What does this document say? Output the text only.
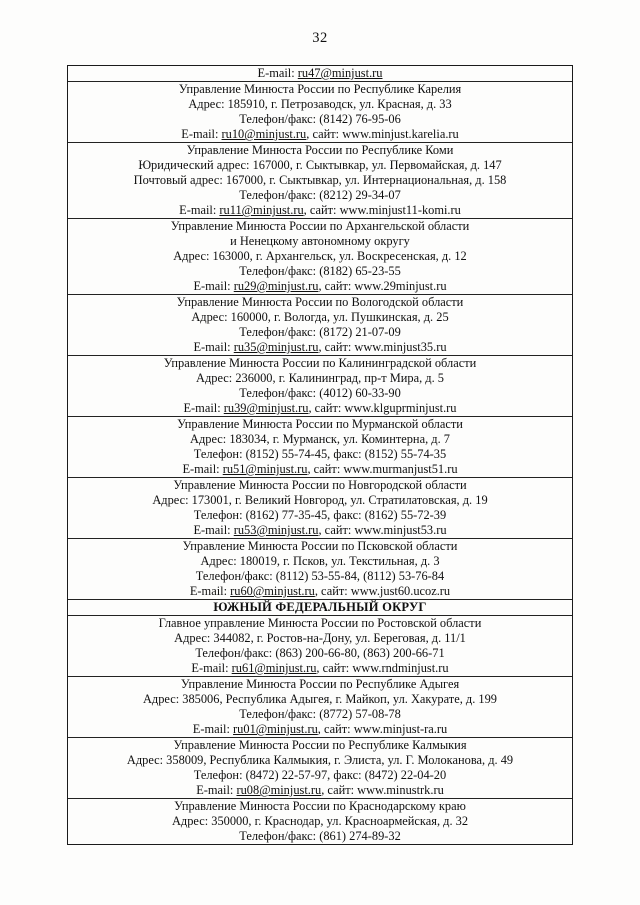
32
E-mail: ru47@minjust.ru
Управление Минюста России по Республике Карелия
Адрес: 185910, г. Петрозаводск, ул. Красная, д. 33
Телефон/факс: (8142) 76-95-06
E-mail: ru10@minjust.ru, сайт: www.minjust.karelia.ru
Управление Минюста России по Республике Коми
Юридический адрес: 167000, г. Сыктывкар, ул. Первомайская, д. 147
Почтовый адрес: 167000, г. Сыктывкар, ул. Интернациональная, д. 158
Телефон/факс: (8212) 29-34-07
E-mail: ru11@minjust.ru, сайт: www.minjust11-komi.ru
Управление Минюста России по Архангельской области
и Ненецкому автономному округу
Адрес: 163000, г. Архангельск, ул. Воскресенская, д. 12
Телефон/факс: (8182) 65-23-55
E-mail: ru29@minjust.ru, сайт: www.29minjust.ru
Управление Минюста России по Вологодской области
Адрес: 160000, г. Вологда, ул. Пушкинская, д. 25
Телефон/факс: (8172) 21-07-09
E-mail: ru35@minjust.ru, сайт: www.minjust35.ru
Управление Минюста России по Калининградской области
Адрес: 236000, г. Калининград, пр-т Мира, д. 5
Телефон/факс: (4012) 60-33-90
E-mail: ru39@minjust.ru, сайт: www.klguprminjust.ru
Управление Минюста России по Мурманской области
Адрес: 183034, г. Мурманск, ул. Коминтерна, д. 7
Телефон: (8152) 55-74-45, факс: (8152) 55-74-35
E-mail: ru51@minjust.ru, сайт: www.murmanjust51.ru
Управление Минюста России по Новгородской области
Адрес: 173001, г. Великий Новгород, ул. Стратилатовская, д. 19
Телефон: (8162) 77-35-45, факс: (8162) 55-72-39
E-mail: ru53@minjust.ru, сайт: www.minjust53.ru
Управление Минюста России по Псковской области
Адрес: 180019, г. Псков, ул. Текстильная, д. 3
Телефон/факс: (8112) 53-55-84, (8112) 53-76-84
E-mail: ru60@minjust.ru, сайт: www.just60.ucoz.ru
ЮЖНЫЙ ФЕДЕРАЛЬНЫЙ ОКРУГ
Главное управление Минюста России по Ростовской области
Адрес: 344082, г. Ростов-на-Дону, ул. Береговая, д. 11/1
Телефон/факс: (863) 200-66-80, (863) 200-66-71
E-mail: ru61@minjust.ru, сайт: www.rndminjust.ru
Управление Минюста России по Республике Адыгея
Адрес: 385006, Республика Адыгея, г. Майкоп, ул. Хакурате, д. 199
Телефон/факс: (8772) 57-08-78
E-mail: ru01@minjust.ru, сайт: www.minjust-ra.ru
Управление Минюста России по Республике Калмыкия
Адрес: 358009, Республика Калмыкия, г. Элиста, ул. Г. Молоканова, д. 49
Телефон: (8472) 22-57-97, факс: (8472) 22-04-20
E-mail: ru08@minjust.ru, сайт: www.minustrk.ru
Управление Минюста России по Краснодарскому краю
Адрес: 350000, г. Краснодар, ул. Красноармейская, д. 32
Телефон/факс: (861) 274-89-32
